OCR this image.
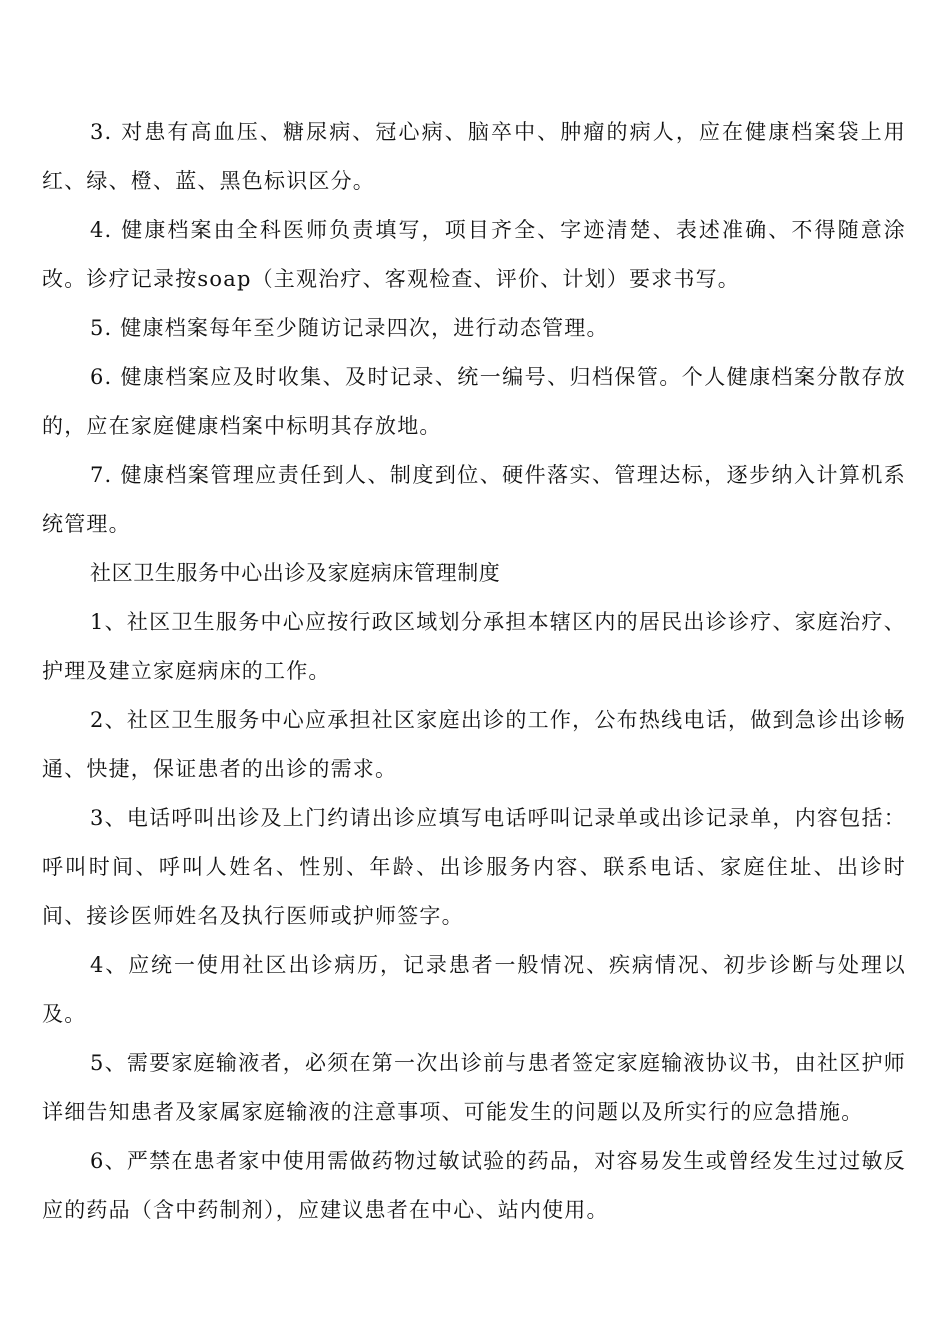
3. 对患有高血压、糖尿病、冠心病、脑卒中、肿瘤的病人，应在健康档案袋上用红、绿、橙、蓝、黑色标识区分。

4. 健康档案由全科医师负责填写，项目齐全、字迹清楚、表述准确、不得随意涂改。诊疗记录按soap（主观治疗、客观检查、评价、计划）要求书写。

5. 健康档案每年至少随访记录四次，进行动态管理。

6. 健康档案应及时收集、及时记录、统一编号、归档保管。个人健康档案分散存放的，应在家庭健康档案中标明其存放地。

7. 健康档案管理应责任到人、制度到位、硬件落实、管理达标，逐步纳入计算机系统管理。

社区卫生服务中心出诊及家庭病床管理制度

1、社区卫生服务中心应按行政区域划分承担本辖区内的居民出诊诊疗、家庭治疗、护理及建立家庭病床的工作。

2、社区卫生服务中心应承担社区家庭出诊的工作，公布热线电话，做到急诊出诊畅通、快捷，保证患者的出诊的需求。

3、电话呼叫出诊及上门约请出诊应填写电话呼叫记录单或出诊记录单，内容包括：呼叫时间、呼叫人姓名、性别、年龄、出诊服务内容、联系电话、家庭住址、出诊时间、接诊医师姓名及执行医师或护师签字。

4、应统一使用社区出诊病历，记录患者一般情况、疾病情况、初步诊断与处理以及。

5、需要家庭输液者，必须在第一次出诊前与患者签定家庭输液协议书，由社区护师详细告知患者及家属家庭输液的注意事项、可能发生的问题以及所实行的应急措施。

6、严禁在患者家中使用需做药物过敏试验的药品，对容易发生或曾经发生过过敏反应的药品（含中药制剂），应建议患者在中心、站内使用。
